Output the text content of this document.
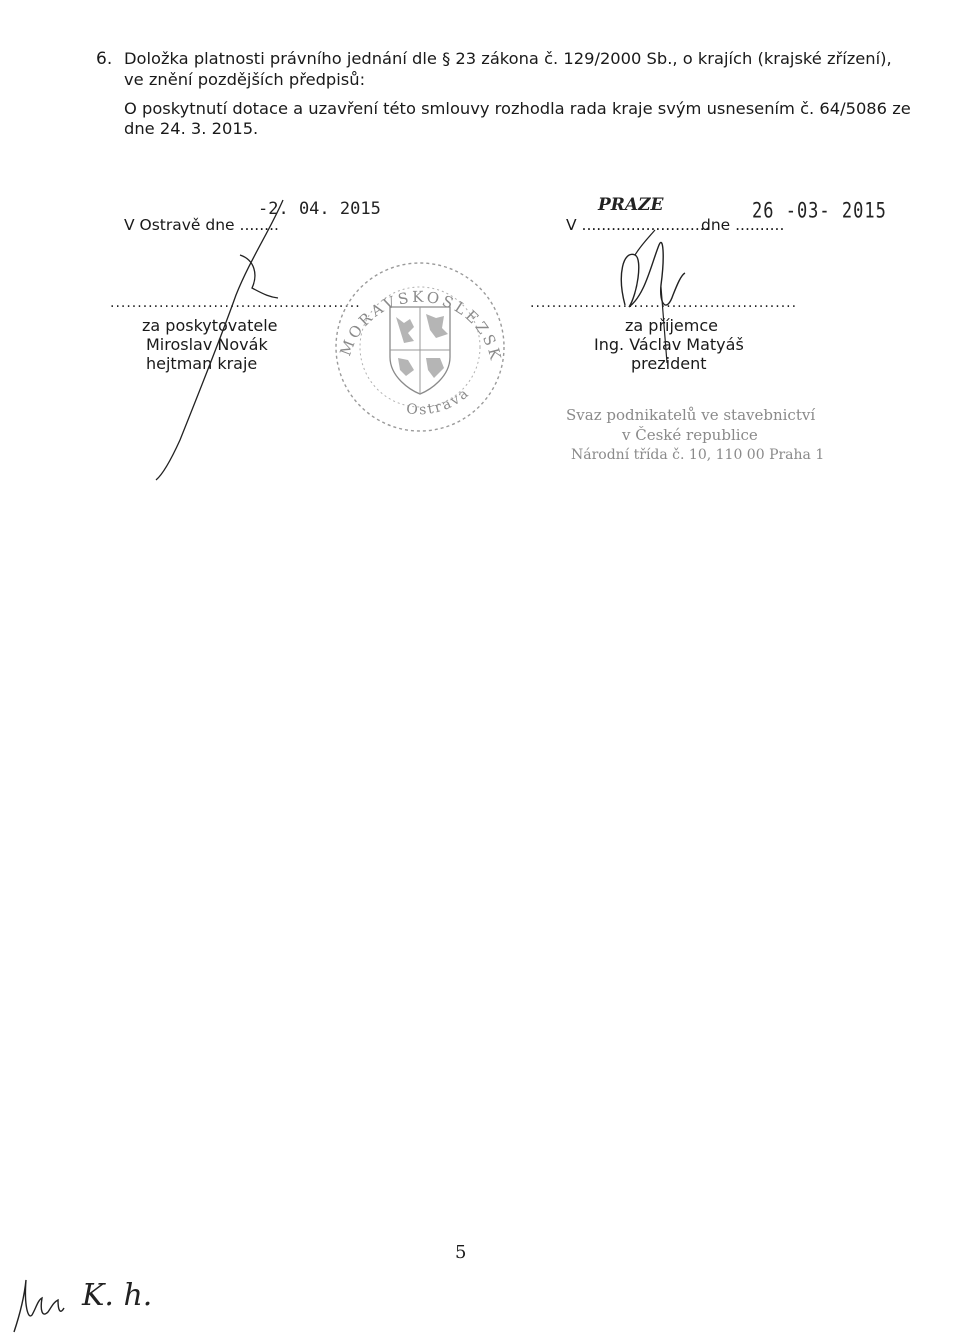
6. Doložka platnosti právního jednání dle § 23 zákona č. 129/2000 Sb., o krajích (krajské zřízení),
ve znění pozdějších předpisů:
O poskytnutí dotace a uzavření této smlouvy rozhodla rada kraje svým usnesením č. 64/5086 ze
dne 24. 3. 2015.
V Ostravě dne ........
-2. 04. 2015
..............................................
za poskytovatele
Miroslav Novák
hejtman kraje
MORAVSKOSLEZSKÝ KRAJ
Ostrava
V ..........................
PRAZE
dne ..........
26 -03- 2015
.................................................
za příjemce
Ing. Václav Matyáš
prezident
Svaz podnikatelů ve stavebnictví
v České republice
Národní třída č. 10, 110 00 Praha 1
5
K. h.
